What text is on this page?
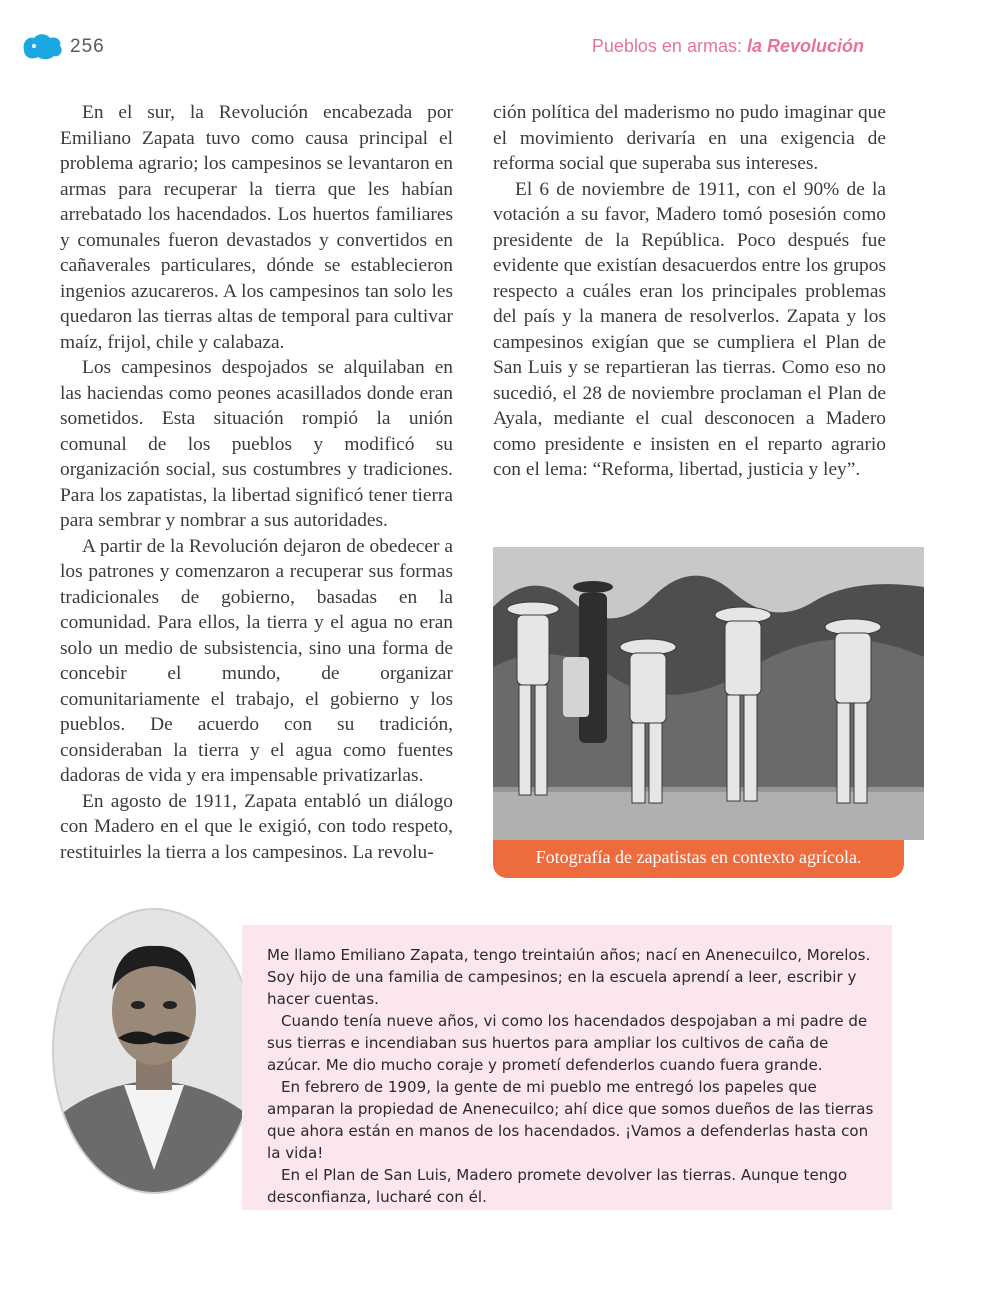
256	Pueblos en armas: la Revolución

En el sur, la Revolución encabezada por Emiliano Zapata tuvo como causa principal el problema agrario; los campesinos se levantaron en armas para recuperar la tierra que les habían arrebatado los hacendados. Los huertos familiares y comunales fueron devastados y convertidos en cañaverales particulares, dónde se establecieron ingenios azucareros. A los campesinos tan solo les quedaron las tierras altas de temporal para cultivar maíz, frijol, chile y calabaza.

Los campesinos despojados se alquilaban en las haciendas como peones acasillados donde eran sometidos. Esta situación rompió la unión comunal de los pueblos y modificó su organización social, sus costumbres y tradiciones. Para los zapatistas, la libertad significó tener tierra para sembrar y nombrar a sus autoridades.

A partir de la Revolución dejaron de obedecer a los patrones y comenzaron a recuperar sus formas tradicionales de gobierno, basadas en la comunidad. Para ellos, la tierra y el agua no eran solo un medio de subsistencia, sino una forma de concebir el mundo, de organizar comunitariamente el trabajo, el gobierno y los pueblos. De acuerdo con su tradición, consideraban la tierra y el agua como fuentes dadoras de vida y era impensable privatizarlas.

En agosto de 1911, Zapata entabló un diálogo con Madero en el que le exigió, con todo respeto, restituirles la tierra a los campesinos. La revolu-

ción política del maderismo no pudo imaginar que el movimiento derivaría en una exigencia de reforma social que superaba sus intereses.

El 6 de noviembre de 1911, con el 90% de la votación a su favor, Madero tomó posesión como presidente de la República. Poco después fue evidente que existían desacuerdos entre los grupos respecto a cuáles eran los principales problemas del país y la manera de resolverlos. Zapata y los campesinos exigían que se cumpliera el Plan de San Luis y se repartieran las tierras. Como eso no sucedió, el 28 de noviembre proclaman el Plan de Ayala, mediante el cual desconocen a Madero como presidente e insisten en el reparto agrario con el lema: “Reforma, libertad, justicia y ley”.

Fotografía de zapatistas en contexto agrícola.

Me llamo Emiliano Zapata, tengo treintaiún años; nací en Anenecuilco, Morelos. Soy hijo de una familia de campesinos; en la escuela aprendí a leer, escribir y hacer cuentas.

Cuando tenía nueve años, vi como los hacendados despojaban a mi padre de sus tierras e incendiaban sus huertos para ampliar los cultivos de caña de azúcar. Me dio mucho coraje y prometí defenderlos cuando fuera grande.

En febrero de 1909, la gente de mi pueblo me entregó los papeles que amparan la propiedad de Anenecuilco; ahí dice que somos dueños de las tierras que ahora están en manos de los hacendados. ¡Vamos a defenderlas hasta con la vida!

En el Plan de San Luis, Madero promete devolver las tierras. Aunque tengo desconfianza, lucharé con él.
